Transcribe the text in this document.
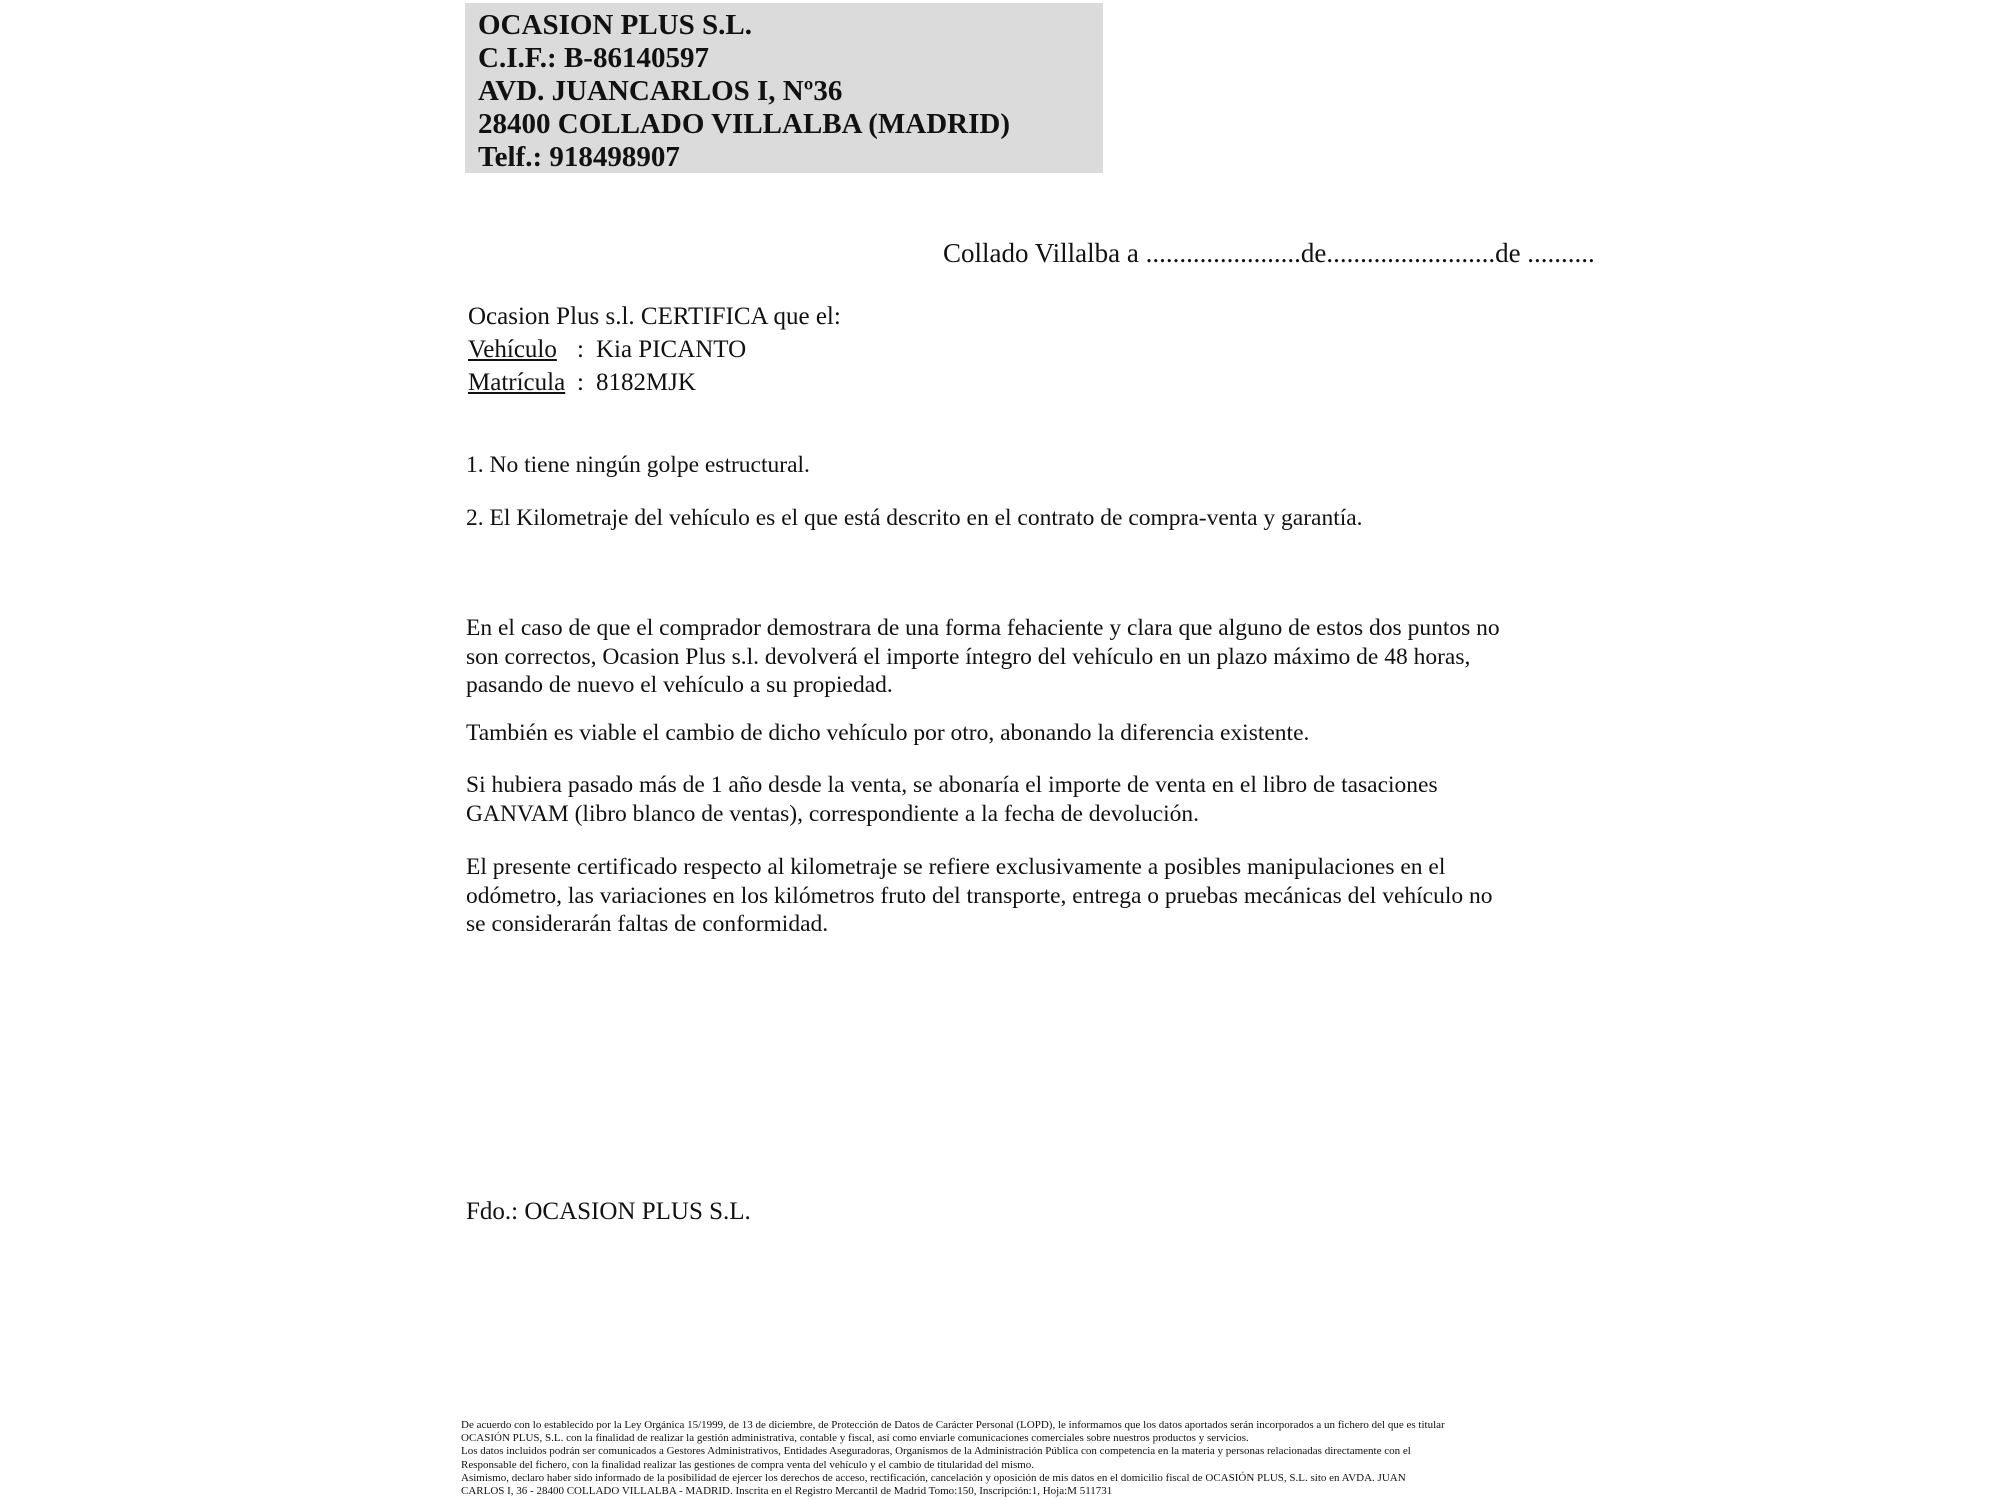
OCASION PLUS S.L.
C.I.F.: B-86140597
AVD. JUANCARLOS I, Nº36
28400 COLLADO VILLALBA (MADRID)
Telf.: 918498907
Collado Villalba a .......................de.........................de ..........
Ocasion Plus s.l. CERTIFICA que el:
Vehículo : Kia PICANTO
Matrícula : 8182MJK
1. No tiene ningún golpe estructural.
2. El Kilometraje del vehículo es el que está descrito en el contrato de compra-venta y garantía.
En el caso de que el comprador demostrara de una forma fehaciente y clara que alguno de estos dos puntos no
son correctos, Ocasion Plus s.l. devolverá el importe íntegro del vehículo en un plazo máximo de 48 horas,
pasando de nuevo el vehículo a su propiedad.
También es viable el cambio de dicho vehículo por otro, abonando la diferencia existente.
Si hubiera pasado más de 1 año desde la venta, se abonaría el importe de venta en el libro de tasaciones
GANVAM (libro blanco de ventas), correspondiente a la fecha de devolución.
El presente certificado respecto al kilometraje se refiere exclusivamente a posibles manipulaciones en el
odómetro, las variaciones en los kilómetros fruto del transporte, entrega o pruebas mecánicas del vehículo no
se considerarán faltas de conformidad.
Fdo.: OCASION PLUS S.L.
De acuerdo con lo establecido por la Ley Orgánica 15/1999, de 13 de diciembre, de Protección de Datos de Carácter Personal (LOPD), le informamos que los datos aportados serán incorporados a un fichero del que es titular
OCASIÓN PLUS, S.L. con la finalidad de realizar la gestión administrativa, contable y fiscal, así como enviarle comunicaciones comerciales sobre nuestros productos y servicios.
Los datos incluidos podrán ser comunicados a Gestores Administrativos, Entidades Aseguradoras, Organismos de la Administración Pública con competencia en la materia y personas relacionadas directamente con el
Responsable del fichero, con la finalidad realizar las gestiones de compra venta del vehículo y el cambio de titularidad del mismo.
Asimismo, declaro haber sido informado de la posibilidad de ejercer los derechos de acceso, rectificación, cancelación y oposición de mis datos en el domicilio fiscal de OCASIÓN PLUS, S.L. sito en AVDA. JUAN
CARLOS I, 36 - 28400 COLLADO VILLALBA - MADRID. Inscrita en el Registro Mercantil de Madrid Tomo:150, Inscripción:1, Hoja:M 511731
